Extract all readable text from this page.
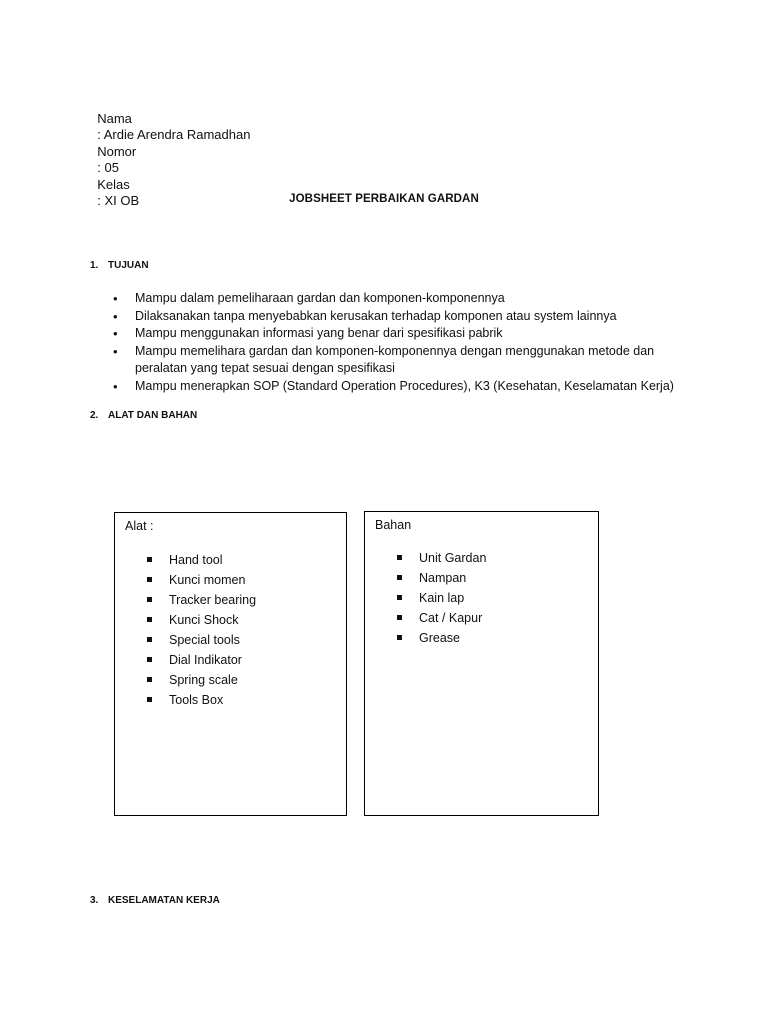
Nama
: Ardie Arendra Ramadhan

Nomor
: 05

Kelas
: XI OB	JOBSHEET PERBAIKAN GARDAN
1. TUJUAN
• Mampu dalam pemeliharaan gardan dan komponen-komponennya
• Dilaksanakan tanpa menyebabkan kerusakan terhadap komponen atau system lainnya
• Mampu menggunakan informasi yang benar dari spesifikasi pabrik
• Mampu memelihara gardan dan komponen-komponennya dengan menggunakan metode dan peralatan yang tepat sesuai dengan spesifikasi
• Mampu menerapkan SOP (Standard Operation Procedures), K3 (Kesehatan, Keselamatan Kerja)
2. ALAT DAN BAHAN
Alat :
Hand tool
Kunci momen
Tracker bearing
Kunci Shock
Special tools
Dial Indikator
Spring scale
Tools Box
Bahan
Unit Gardan
Nampan
Kain lap
Cat / Kapur
Grease
3. KESELAMATAN KERJA
